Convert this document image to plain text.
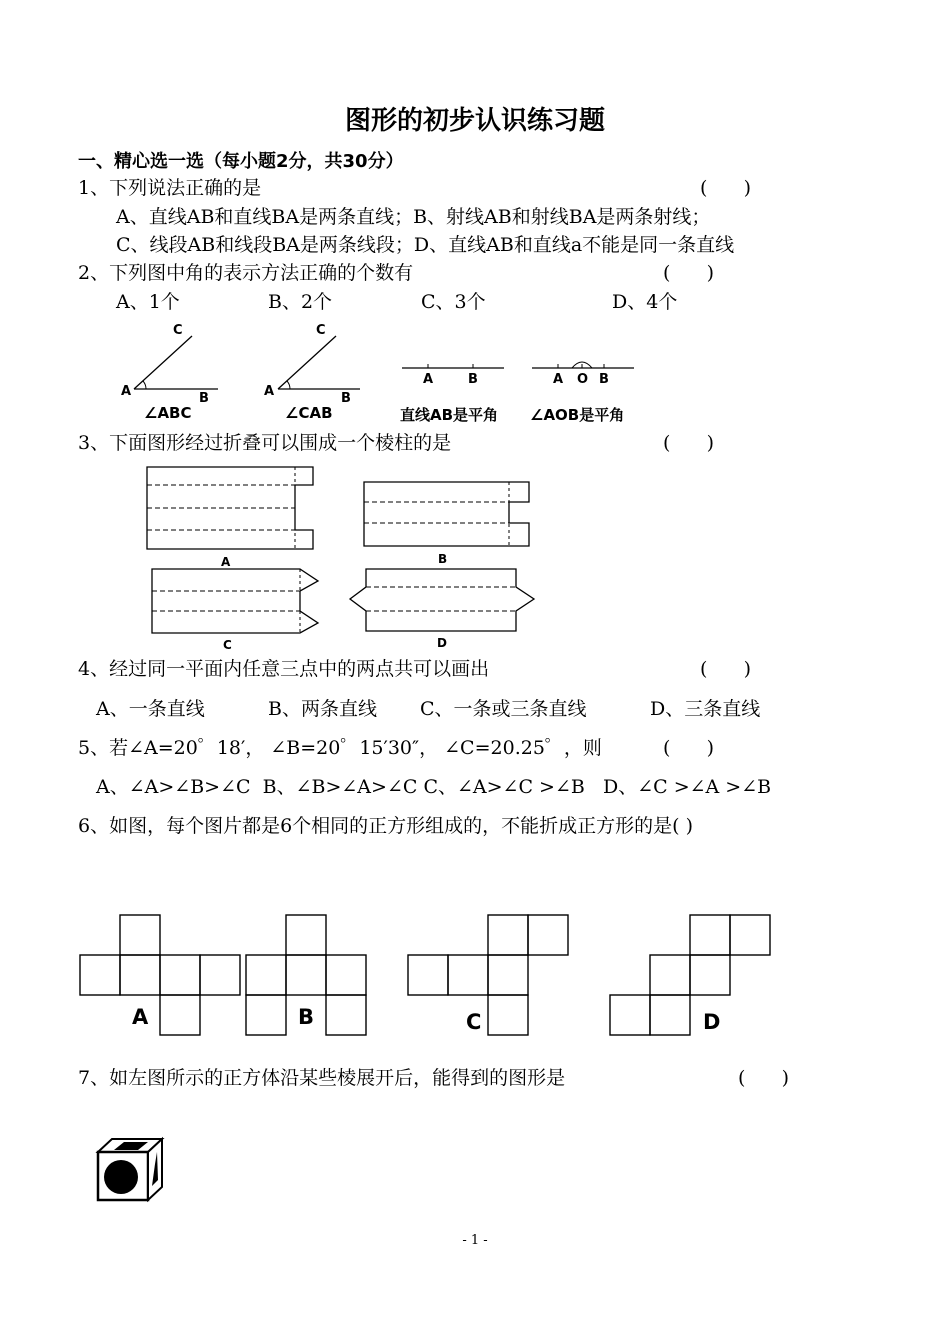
图形的初步认识练习题
一、精心选一选（每小题2分，共30分）
1、下列说法正确的是	(      )
A、直线AB和直线BA是两条直线；B、射线AB和射线BA是两条射线；
C、线段AB和线段BA是两条线段；D、直线AB和直线a不能是同一条直线
2、下列图中角的表示方法正确的个数有	(      )
A、1个	B、2个	C、3个	D、4个
C
A	B
∠ABC
C
A	B
∠CAB
A	B
直线AB是平角
A O B
∠AOB是平角
3、下面图形经过折叠可以围成一个棱柱的是	(      )
A	B
C	D
4、经过同一平面内任意三点中的两点共可以画出	(      )
A、一条直线	B、两条直线 C、一条或三条直线	D、三条直线
5、若∠A=20゜18′， ∠B=20゜15′30″， ∠C=20.25゜，则	(      )
A、∠A>∠B>∠C  B、∠B>∠A>∠C C、∠A>∠C >∠B   D、∠C >∠A >∠B
6、如图，每个图片都是6个相同的正方形组成的，不能折成正方形的是( )
A	B	C	D
7、如左图所示的正方体沿某些棱展开后，能得到的图形是	(      )
- 1 -
